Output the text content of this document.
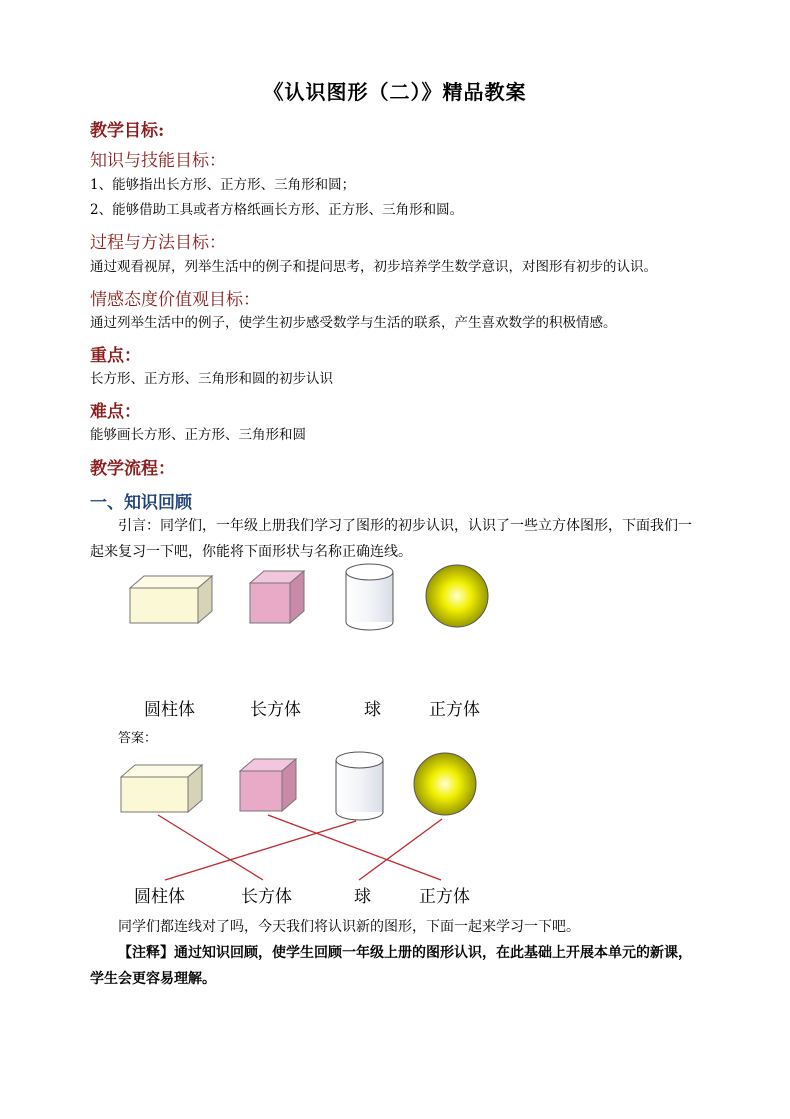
《认识图形（二）》精品教案
教学目标:
知识与技能目标：
1、能够指出长方形、正方形、三角形和圆；
2、能够借助工具或者方格纸画长方形、正方形、三角形和圆。
过程与方法目标：
通过观看视屏，列举生活中的例子和提问思考，初步培养学生数学意识，对图形有初步的认识。
情感态度价值观目标：
通过列举生活中的例子，使学生初步感受数学与生活的联系，产生喜欢数学的积极情感。
重点：
长方形、正方形、三角形和圆的初步认识
难点：
能够画长方形、正方形、三角形和圆
教学流程：
一、知识回顾
引言：同学们，一年级上册我们学习了图形的初步认识，认识了一些立方体图形，下面我们一起来复习一下吧，你能将下面形状与名称正确连线。
圆柱体	长方体	球	正方体
答案：
圆柱体	长方体	球	正方体
同学们都连线对了吗，今天我们将认识新的图形，下面一起来学习一下吧。
【注释】通过知识回顾，使学生回顾一年级上册的图形认识，在此基础上开展本单元的新课，学生会更容易理解。
